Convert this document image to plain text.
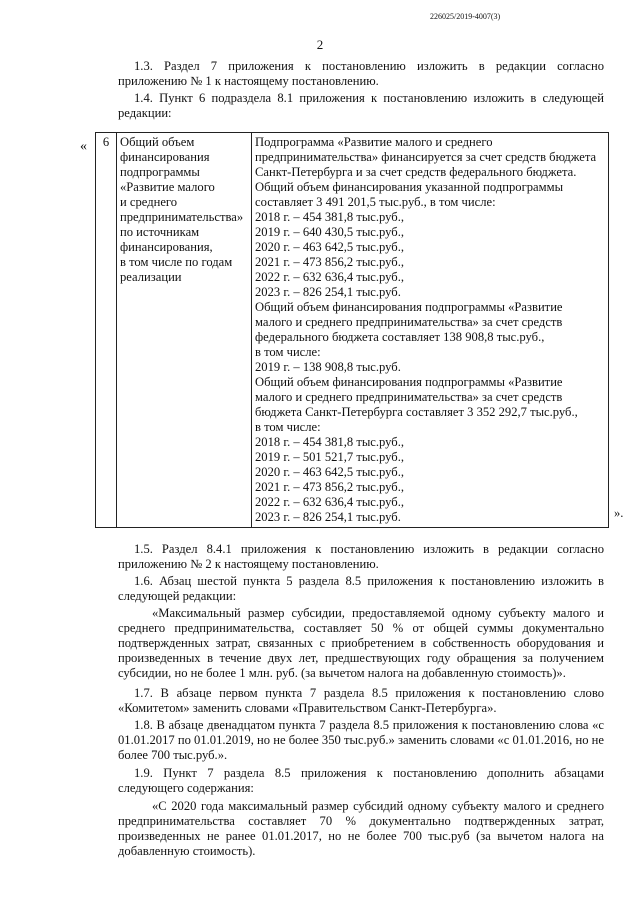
226025/2019-4007(3)
2

1.3. Раздел 7 приложения к постановлению изложить в редакции согласно приложению № 1 к настоящему постановлению.

1.4. Пункт 6 подраздела 8.1 приложения к постановлению изложить в следующей редакции:

« 6	Общий объем
финансирования
подпрограммы
«Развитие малого
и среднего
предпринимательства»
по источникам
финансирования,
в том числе по годам
реализации

Подпрограмма «Развитие малого и среднего
предпринимательства» финансируется за счет средств бюджета
Санкт-Петербурга и за счет средств федерального бюджета.
Общий объем финансирования указанной подпрограммы
составляет 3 491 201,5 тыс.руб., в том числе:
2018 г. – 454 381,8 тыс.руб.,
2019 г. – 640 430,5 тыс.руб.,
2020 г. – 463 642,5 тыс.руб.,
2021 г. – 473 856,2 тыс.руб.,
2022 г. – 632 636,4 тыс.руб.,
2023 г. – 826 254,1 тыс.руб.
Общий объем финансирования подпрограммы «Развитие
малого и среднего предпринимательства» за счет средств
федерального бюджета составляет 138 908,8 тыс.руб.,
в том числе:
2019 г. – 138 908,8 тыс.руб.
Общий объем финансирования подпрограммы «Развитие
малого и среднего предпринимательства» за счет средств
бюджета Санкт-Петербурга составляет 3 352 292,7 тыс.руб.,
в том числе:
2018 г. – 454 381,8 тыс.руб.,
2019 г. – 501 521,7 тыс.руб.,
2020 г. – 463 642,5 тыс.руб.,
2021 г. – 473 856,2 тыс.руб.,
2022 г. – 632 636,4 тыс.руб.,
2023 г. – 826 254,1 тыс.руб.	».

1.5. Раздел 8.4.1 приложения к постановлению изложить в редакции согласно приложению № 2 к настоящему постановлению.

1.6. Абзац шестой пункта 5 раздела 8.5 приложения к постановлению изложить в следующей редакции:

«Максимальный размер субсидии, предоставляемой одному субъекту малого и среднего предпринимательства, составляет 50 % от общей суммы документально подтвержденных затрат, связанных с приобретением в собственность оборудования и произведенных в течение двух лет, предшествующих году обращения за получением субсидии, но не более 1 млн. руб. (за вычетом налога на добавленную стоимость)».

1.7. В абзаце первом пункта 7 раздела 8.5 приложения к постановлению слово «Комитетом» заменить словами «Правительством Санкт-Петербурга».

1.8. В абзаце двенадцатом пункта 7 раздела 8.5 приложения к постановлению слова «с 01.01.2017 по 01.01.2019, но не более 350 тыс.руб.» заменить словами «с 01.01.2016, но не более 700 тыс.руб.».

1.9. Пункт 7 раздела 8.5 приложения к постановлению дополнить абзацами следующего содержания:

«С 2020 года максимальный размер субсидий одному субъекту малого и среднего предпринимательства составляет 70 % документально подтвержденных затрат, произведенных не ранее 01.01.2017, но не более 700 тыс.руб (за вычетом налога на добавленную стоимость).
